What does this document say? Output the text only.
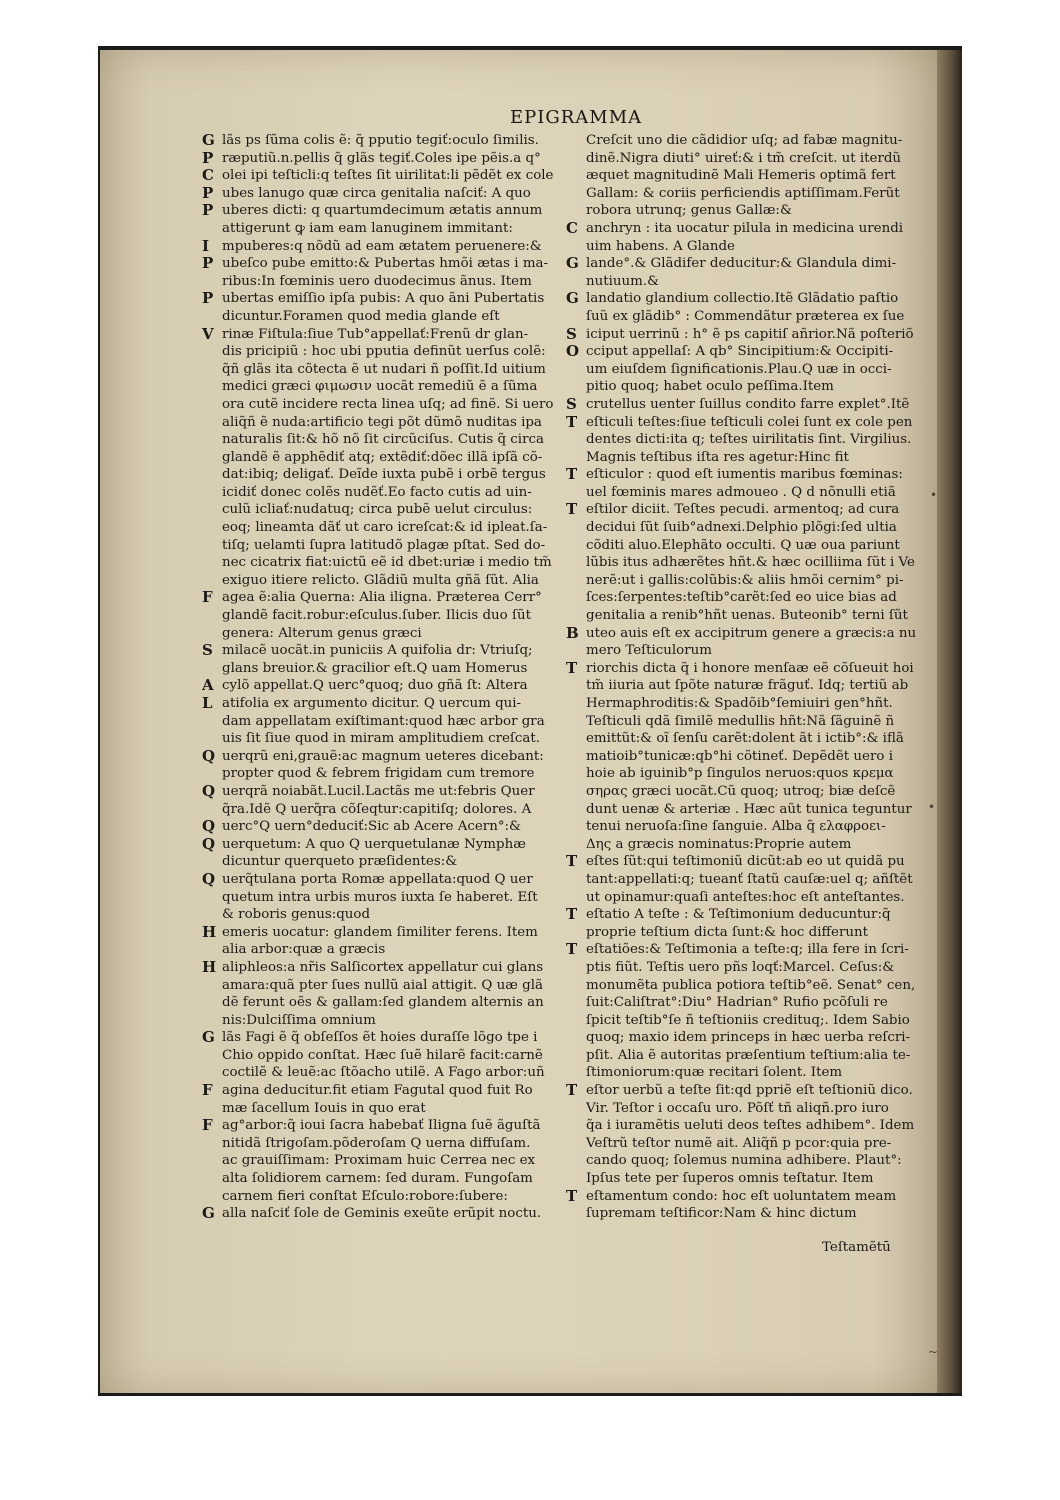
EPIGRAMMA
G lãs ps ſũma colis ẽ: q̃ pputio tegiť:oculo ſimilis.
P ræputiũ.n.pellis q̃ glãs tegiť.Coles ipe pẽis.a q°
C olei ipi teſticli:q teſtes ſit uirilitat:li pẽdẽt ex cole
P ubes lanugo quæ circa genitalia naſciť: A quo
P uberes dicti: q quartumdecimum ætatis annum
attigerunt ꝙ iam eam lanuginem immitant:
I mpuberes:q nõdũ ad eam ætatem peruenere:&
P ubeſco pube emitto:& Pubertas hmõi ætas i ma-
ribus:In fœminis uero duodecimus ãnus. Item
P ubertas emiſſio ipſa pubis: A quo ãni Pubertatis
dicuntur.Foramen quod media glande eſt
V rinæ Fiſtula:ſiue Tub°appellať:Frenũ dr glan-
dis pricipiũ : hoc ubi pputia definũt uerſus colẽ:
q̃ñ glãs ita cõtecta ẽ ut nudari ñ poſſit.Id uitium
medici græci φιμωσιν uocãt remediũ ẽ a ſũma
ora cutẽ incidere recta linea uſq; ad finẽ. Si uero
aliq̃ñ ẽ nuda:artificio tegi põt dũmõ nuditas ipa
naturalis ſit:& hõ nõ ſit circũciſus. Cutis q̃ circa
glandẽ ẽ apphẽdiť atq; extẽdiť:dõec illã ipſã cõ-
dat:ibiq; deligať. Deĩde iuxta pubẽ i orbẽ tergus
icidiť donec colẽs nudẽť.Eo facto cutis ad uin-
culũ icliať:nudatuq; circa pubẽ uelut circulus:
eoq; lineamta dãť ut caro icreſcat:& id ipleat.ſa-
tiſq; uelamti ſupra latitudõ plagæ pſtat. Sed do-
nec cicatrix fiat:uictũ eẽ id dbet:uriæ i medio tm̃
exiguo itiere relicto. Glãdiũ multa gñã ſũt. Alia
F agea ẽ:alia Querna: Alia iligna. Præterea Cerr°
glandẽ facit.robur:eſculus.ſuber. Ilicis duo ſũt
genera: Alterum genus græci
S milacẽ uocãt.in puniciis A quifolia dr: Vtriuſq;
glans breuior.& gracilior eſt.Q uam Homerus
A cylõ appellat.Q uerc°quoq; duo gñã ſt: Altera
L atifolia ex argumento dicitur. Q uercum qui-
dam appellatam exiſtimant:quod hæc arbor gra
uis ſit ſiue quod in miram amplitudiem creſcat.
Q uerqrũ eni,grauẽ:ac magnum ueteres dicebant:
propter quod & febrem frigidam cum tremore
Q uerqrã noiabãt.Lucil.Lactãs me ut:febris Quer
q̃ra.Idẽ Q uerq̃ra cõſeqtur:capitiſq; dolores. A
Q uerc°Q uern°deduciť:Sic ab Acere Acern°:&
Q uerquetum: A quo Q uerquetulanæ Nymphæ
dicuntur querqueto præſidentes:&
Q uerq̃tulana porta Romæ appellata:quod Q uer
quetum intra urbis muros iuxta ſe haberet. Eſt
& roboris genus:quod
H emeris uocatur: glandem ſimiliter ferens. Item
alia arbor:quæ a græcis
H aliphleos:a nr̃is Salſicortex appellatur cui glans
amara:quã pter ſues nullũ aial attigit. Q uæ glã
dẽ ferunt oẽs & gallam:ſed glandem alternis an
nis:Dulciſſima omnium
G lãs Fagi ẽ q̃ obſeſſos ẽt hoies duraſſe lõgo tpe i
Chio oppido conſtat. Hæc ſuẽ hilarẽ facit:carnẽ
coctilẽ & leuẽ:ac ſtõacho utilẽ. A Fago arbor:uñ
F agina deducitur.fit etiam Fagutal quod fuit Ro
mæ ſacellum Iouis in quo erat
F ag°arbor:q̃ ioui ſacra habebať Iligna ſuẽ ãguſtã
nitidã ſtrigoſam.põderoſam Q uerna diffuſam.
ac grauiſſimam: Proximam huic Cerrea nec ex
alta ſolidiorem carnem: ſed duram. Fungoſam
carnem fieri conſtat Eſculo:robore:ſubere:
G alla naſciť ſole de Geminis exeũte erũpit noctu.
Creſcit uno die cãdidior uſq; ad fabæ magnitu-
dinẽ.Nigra diuti° uireť:& i tm̃ creſcit. ut iterdũ
æquet magnitudinẽ Mali Hemeris optimã fert
Gallam: & coriis perficiendis aptiſſimam.Ferũt
robora utrunq; genus Gallæ:&
C anchryn : ita uocatur pilula in medicina urendi
uim habens. A Glande
G lande°.& Glãdifer deducitur:& Glandula dimi-
nutiuum.&
G landatio glandium collectio.Itẽ Glãdatio paſtio
ſuũ ex glãdib° : Commendãtur præterea ex ſue
S iciput uerrinũ : h° ẽ ps capitiſ añrior.Nã poſteriõ
O cciput appellaſ: A qb° Sincipitium:& Occipiti-
um eiuſdem ſignificationis.Plau.Q uæ in occi-
pitio quoq; habet oculo peſſima.Item
S crutellus uenter ſuillus condito farre explet°.Itẽ
T eſticuli teſtes:ſiue teſticuli colei ſunt ex cole pen
dentes dicti:ita q; teſtes uirilitatis ſint. Virgilius.
Magnis teſtibus iſta res agetur:Hinc fit
T eſticulor : quod eſt iumentis maribus fœminas:
uel fœminis mares admoueo . Q d nõnulli etiã
T eſtilor diciit. Teſtes pecudi. armentoq; ad cura
decidui ſũt ſuib°adnexi.Delphio plõgi:ſed ultia
cõditi aluo.Elephãto occulti. Q uæ oua pariunt
lũbis itus adhærẽtes hñt.& hæc ocilliima ſũt i Ve
nerẽ:ut i gallis:colũbis:& aliis hmõi cernim° pi-
ſces:ſerpentes:teſtib°carẽt:ſed eo uice bias ad
genitalia a renib°hñt uenas. Buteonib° terni ſũt
B uteo auis eſt ex accipitrum genere a græcis:a nu
mero Teſticulorum
T riorchis dicta q̃ i honore menſaæ eẽ cõſueuit hoi
tm̃ iiuria aut ſpõte naturæ frãguť. Idq; tertiũ ab
Hermaphroditis:& Spadõib°ſemiuiri gen°hñt.
Teſticuli qdã ſimilẽ medullis hñt:Nã ſãguinẽ ñ
emittũt:& oĩ ſenſu carẽt:dolent ãt i ictib°:& iflã
matioib°tunicæ:qb°hi cõtineť. Depẽdẽt uero i
hoie ab iguinib°p ſingulos neruos:quos κρεμα
σηρας græci uocãt.Cũ quoq; utroq; biæ deſcẽ
dunt uenæ & arteriæ . Hæc aũt tunica teguntur
tenui neruoſa:ſine ſanguie. Alba q̃ ελαφροει-
Δης a græcis nominatus:Proprie autem
T eſtes ſũt:qui teſtimoniũ dicũt:ab eo ut quidã pu
tant:appellati:q; tueanť ſtatũ cauſæ:uel q; añſtẽt
ut opinamur:quaſi anteſtes:hoc eſt anteſtantes.
T eſtatio A teſte : & Teſtimonium deducuntur:q̃
proprie teſtium dicta ſunt:& hoc differunt
T eſtatiões:& Teſtimonia a teſte:q; illa fere in ſcri-
ptis fiũt. Teſtis uero pñs loqť:Marcel. Ceſus:&
monumẽta publica potiora teſtib°eẽ. Senat° cen,
ſuit:Caliſtrat°:Diu° Hadrian° Rufio pcõſuli re
ſpicit teſtib°ſe ñ teſtioniis credituq;. Idem Sabio
quoq; maxio idem princeps in hæc uerba reſcri-
pſit. Alia ẽ autoritas præſentium teſtium:alia te-
ſtimoniorum:quæ recitari ſolent. Item
T eſtor uerbũ a teſte ſit:qd ppriẽ eſt teſtioniũ dico.
Vir. Teſtor i occaſu uro. Põſť tñ aliqñ.pro iuro
q̃a i iuramẽtis ueluti deos teſtes adhibem°. Idem
Veſtrũ teſtor numẽ ait. Aliq̃ñ p pcor:quia pre-
cando quoq; ſolemus numina adhibere. Plaut°:
Ipſus tete per ſuperos omnis teſtatur. Item
T eſtamentum condo: hoc eſt uoluntatem meam
ſupremam teſtificor:Nam & hinc dictum
Teſtamẽtū
•
•
~
